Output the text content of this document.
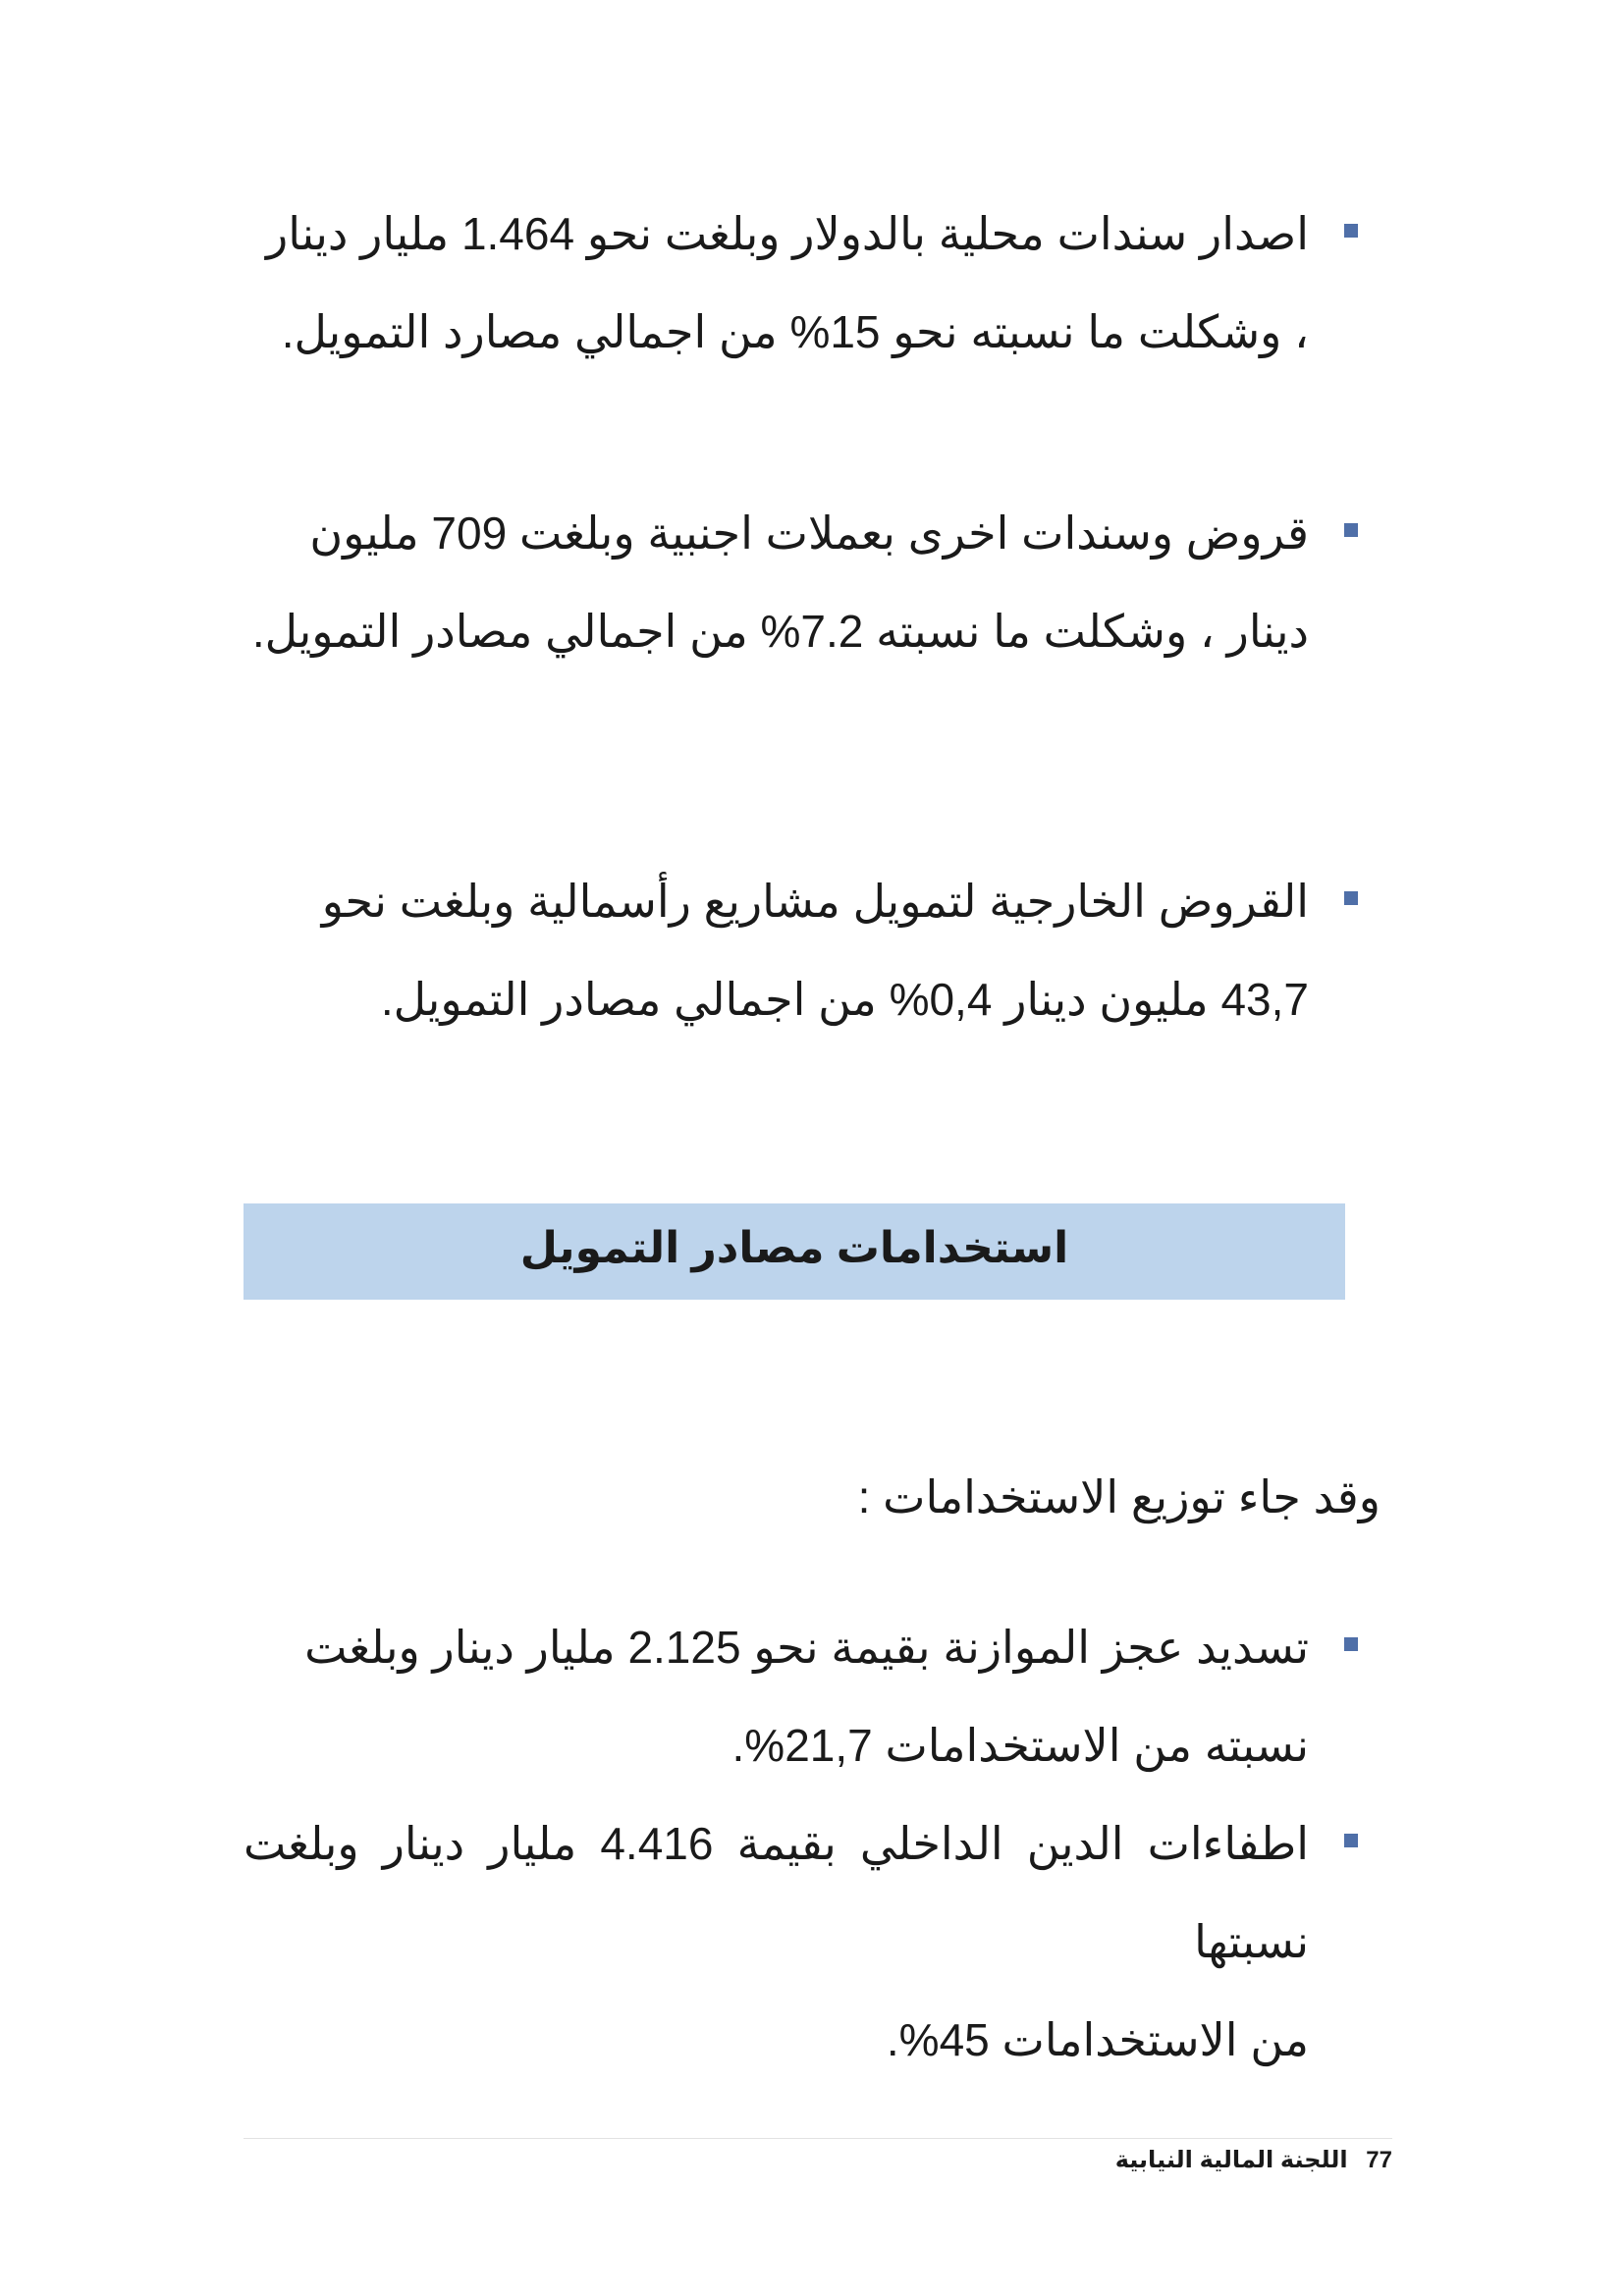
اصدار سندات محلية بالدولار وبلغت نحو 1.464 مليار دينار

، وشكلت ما نسبته نحو 15% من اجمالي مصارد التمويل.

قروض وسندات اخرى بعملات اجنبية وبلغت 709 مليون

دينار ، وشكلت ما نسبته 7.2% من اجمالي مصادر التمويل.

القروض الخارجية لتمويل مشاريع رأسمالية وبلغت نحو

43,7 مليون دينار 0,4% من اجمالي مصادر التمويل.

استخدامات مصادر التمويل
وقد جاء توزيع الاستخدامات :

تسديد عجز الموازنة بقيمة نحو 2.125 مليار دينار وبلغت

نسبته من الاستخدامات 21,7%.

اطفاءات الدين الداخلي بقيمة 4.416 مليار دينار وبلغت نسبتها

من الاستخدامات 45%.

77 اللجنة المالية النيابية
